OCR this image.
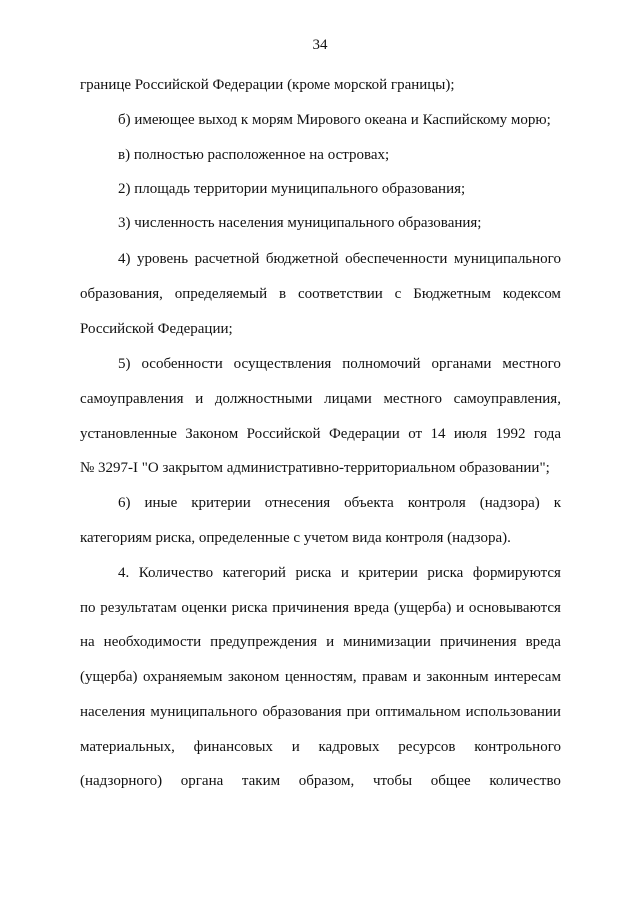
34
границе Российской Федерации (кроме морской границы);
б) имеющее выход к морям Мирового океана и Каспийскому морю;
в) полностью расположенное на островах;
2) площадь территории муниципального образования;
3) численность населения муниципального образования;
4) уровень расчетной бюджетной обеспеченности муниципального
образования, определяемый в соответствии с Бюджетным кодексом
Российской Федерации;
5) особенности осуществления полномочий органами местного
самоуправления и должностными лицами местного самоуправления,
установленные Законом Российской Федерации от 14 июля 1992 года
№ 3297-I "О закрытом административно-территориальном образовании";
6) иные критерии отнесения объекта контроля (надзора) к
категориям риска, определенные с учетом вида контроля (надзора).
4. Количество категорий риска и критерии риска формируются
по результатам оценки риска причинения вреда (ущерба) и основываются
на необходимости предупреждения и минимизации причинения вреда
(ущерба) охраняемым законом ценностям, правам и законным интересам
населения муниципального образования при оптимальном использовании
материальных, финансовых и кадровых ресурсов контрольного
(надзорного) органа таким образом, чтобы общее количество
